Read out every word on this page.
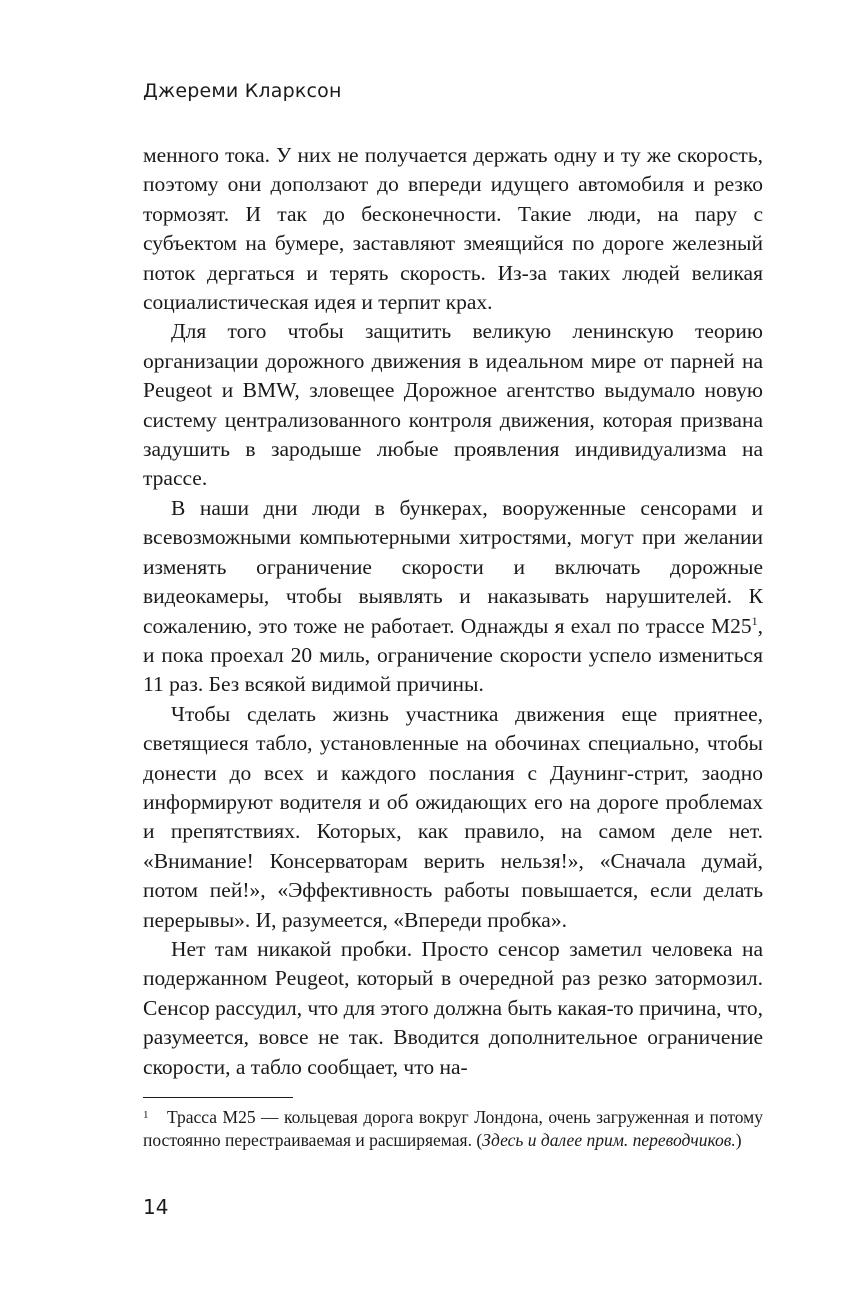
Джереми Кларксон

менного тока. У них не получается держать одну и ту же скорость, поэтому они доползают до впереди идущего автомобиля и резко тормозят. И так до бесконечности. Такие люди, на пару с субъектом на бумере, заставляют змеящийся по дороге железный поток дергаться и терять скорость. Из-за таких людей великая социалистическая идея и терпит крах.

Для того чтобы защитить великую ленинскую теорию организации дорожного движения в идеальном мире от парней на Peugeot и BMW, зловещее Дорожное агентство выдумало новую систему централизованного контроля движения, которая призвана задушить в зародыше любые проявления индивидуализма на трассе.

В наши дни люди в бункерах, вооруженные сенсорами и всевозможными компьютерными хитростями, могут при желании изменять ограничение скорости и включать дорожные видеокамеры, чтобы выявлять и наказывать нарушителей. К сожалению, это тоже не работает. Однажды я ехал по трассе $М25^1$, и пока проехал 20 миль, ограничение скорости успело измениться 11 раз. Без всякой видимой причины.

Чтобы сделать жизнь участника движения еще приятнее, светящиеся табло, установленные на обочинах специально, чтобы донести до всех и каждого послания с Даунинг-стрит, заодно информируют водителя и об ожидающих его на дороге проблемах и препятствиях. Которых, как правило, на самом деле нет. «Внимание! Консерваторам верить нельзя!», «Сначала думай, потом пей!», «Эффективность работы повышается, если делать перерывы». И, разумеется, «Впереди пробка».

Нет там никакой пробки. Просто сенсор заметил человека на подержанном Peugeot, который в очередной раз резко затормозил. Сенсор рассудил, что для этого должна быть какая-то причина, что, разумеется, вовсе не так. Вводится дополнительное ограничение скорости, а табло сообщает, что на-

1	Трасса М25 — кольцевая дорога вокруг Лондона, очень загруженная и потому постоянно перестраиваемая и расширяемая. (Здесь и далее прим. переводчиков.)
14
